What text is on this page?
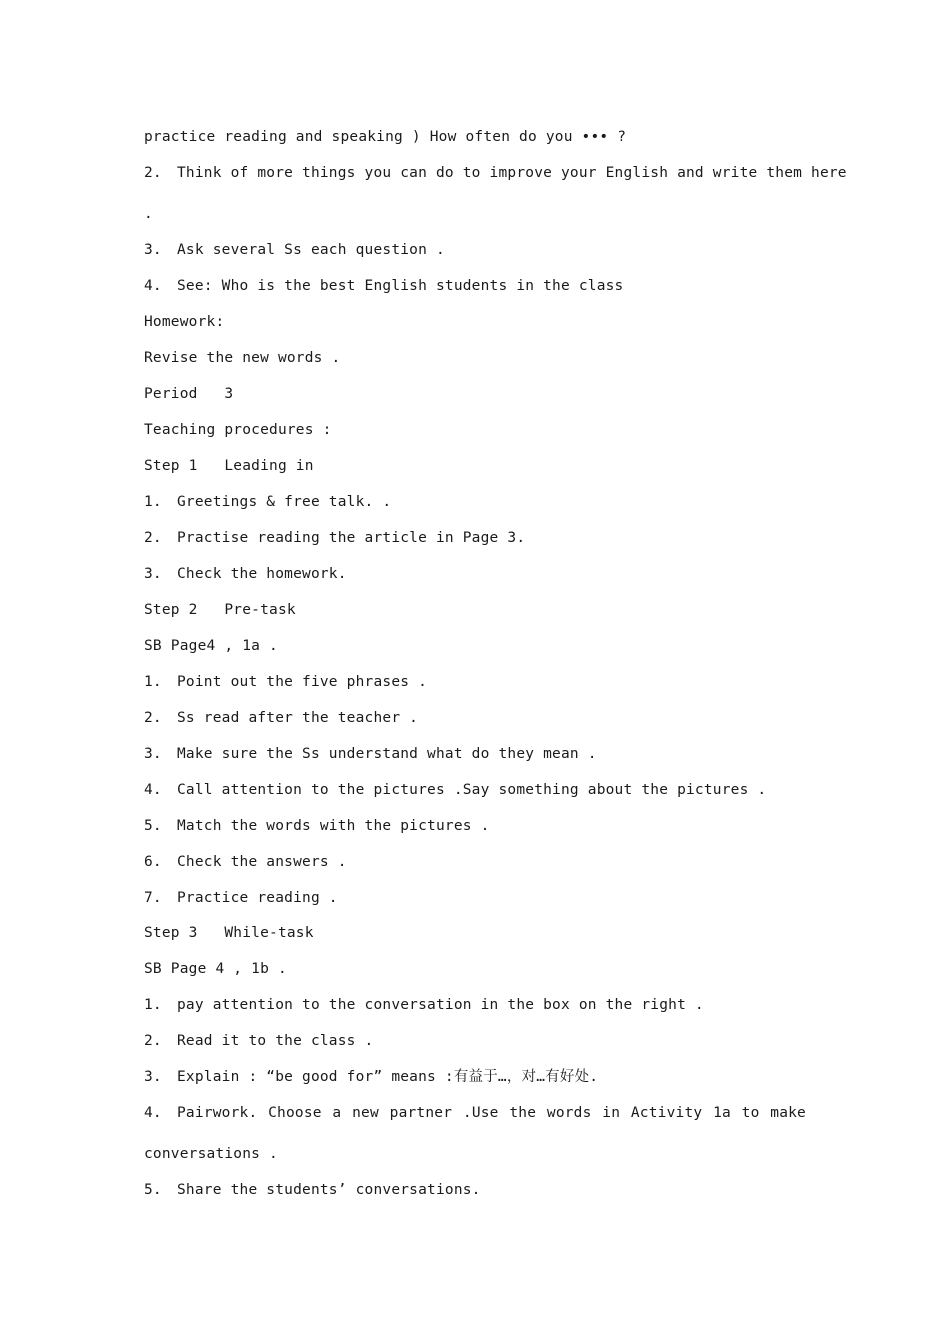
practice reading and speaking ) How often do you ••• ?
2. Think of more things you can do to improve your English and write them here
.
3. Ask several Ss each question .
4. See: Who is the best English students in the class
Homework:
Revise the new words .
Period   3
Teaching procedures :
Step 1   Leading in
1. Greetings & free talk. .
2. Practise reading the article in Page 3.
3. Check the homework.
Step 2   Pre-task
SB Page4 , 1a .
1. Point out the five phrases .
2. Ss read after the teacher .
3. Make sure the Ss understand what do they mean .
4. Call attention to the pictures .Say something about the pictures .
5. Match the words with the pictures .
6. Check the answers .
7. Practice reading .
Step 3   While-task
SB Page 4 , 1b .
1. pay attention to the conversation in the box on the right .
2. Read it to the class .
3. Explain : “be good for” means :有益于…，对…有好处.
4. Pairwork. Choose a new partner .Use the words in Activity 1a to make
conversations .
5. Share the students’ conversations.
